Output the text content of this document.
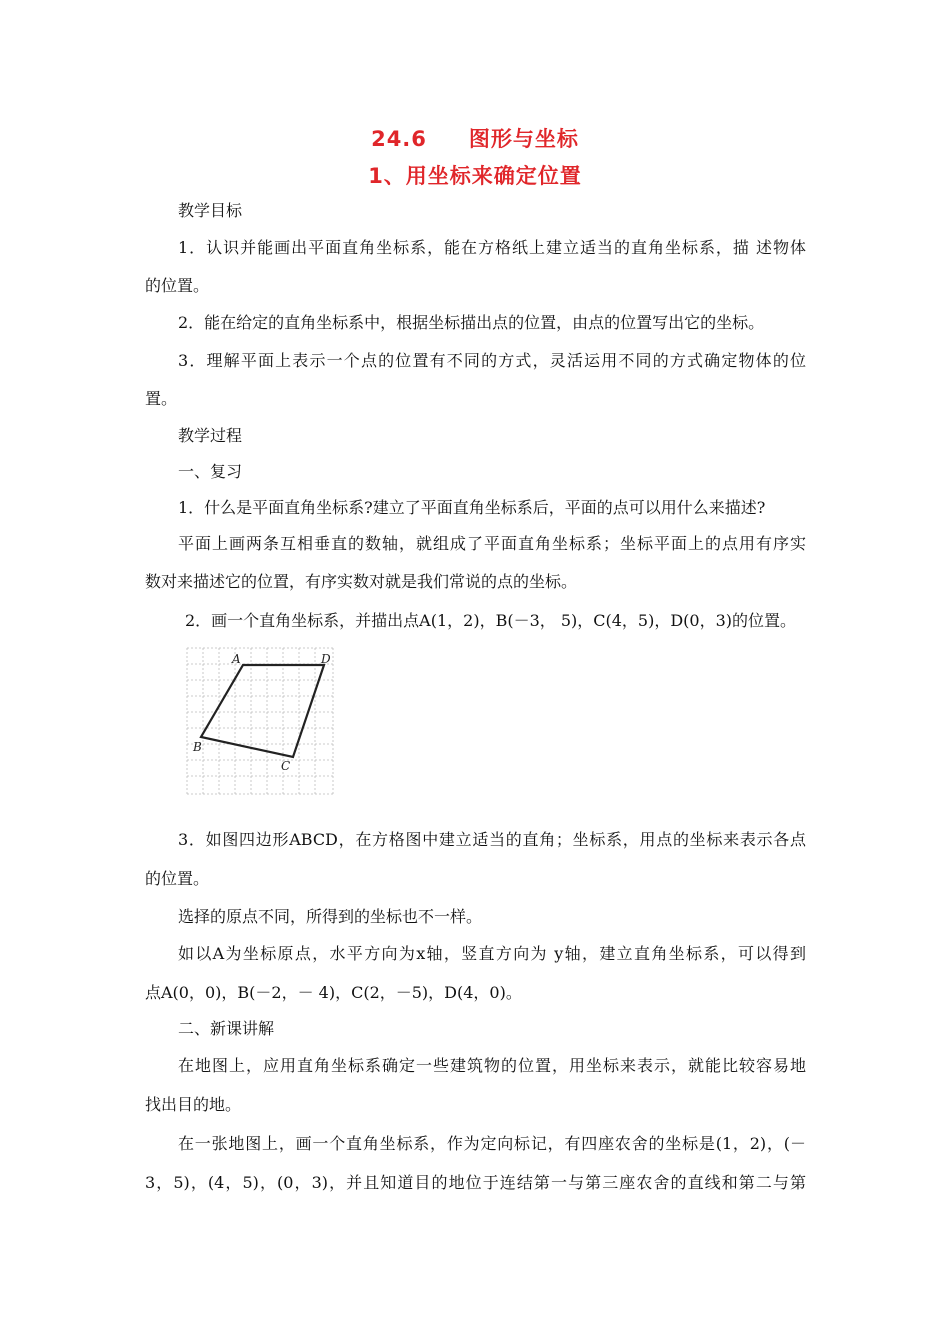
24.6 图形与坐标
1、用坐标来确定位置
教学目标
1．认识并能画出平面直角坐标系，能在方格纸上建立适当的直角坐标系，描 述物体
的位置。
2．能在给定的直角坐标系中，根据坐标描出点的位置，由点的位置写出它的坐标。
3．理解平面上表示一个点的位置有不同的方式，灵活运用不同的方式确定物体的位
置。
教学过程
一、复习
1．什么是平面直角坐标系?建立了平面直角坐标系后，平面的点可以用什么来描述?
平面上画两条互相垂直的数轴，就组成了平面直角坐标系；坐标平面上的点用有序实
数对来描述它的位置，有序实数对就是我们常说的点的坐标。
2．画一个直角坐标系，并描出点A(1，2)，B(－3， 5)，C(4，5)，D(0，3)的位置。
A
B
C
D
3．如图四边形ABCD，在方格图中建立适当的直角；坐标系，用点的坐标来表示各点
的位置。
选择的原点不同，所得到的坐标也不一样。
如以A为坐标原点，水平方向为x轴，竖直方向为 y轴，建立直角坐标系，可以得到
点A(0，0)，B(－2，－ 4)，C(2，－5)，D(4，0)。
二、新课讲解
在地图上，应用直角坐标系确定一些建筑物的位置，用坐标来表示，就能比较容易地
找出目的地。
在一张地图上，画一个直角坐标系，作为定向标记，有四座农舍的坐标是(1，2)，(－
3，5)，(4，5)，(0，3)，并且知道目的地位于连结第一与第三座农舍的直线和第二与第
